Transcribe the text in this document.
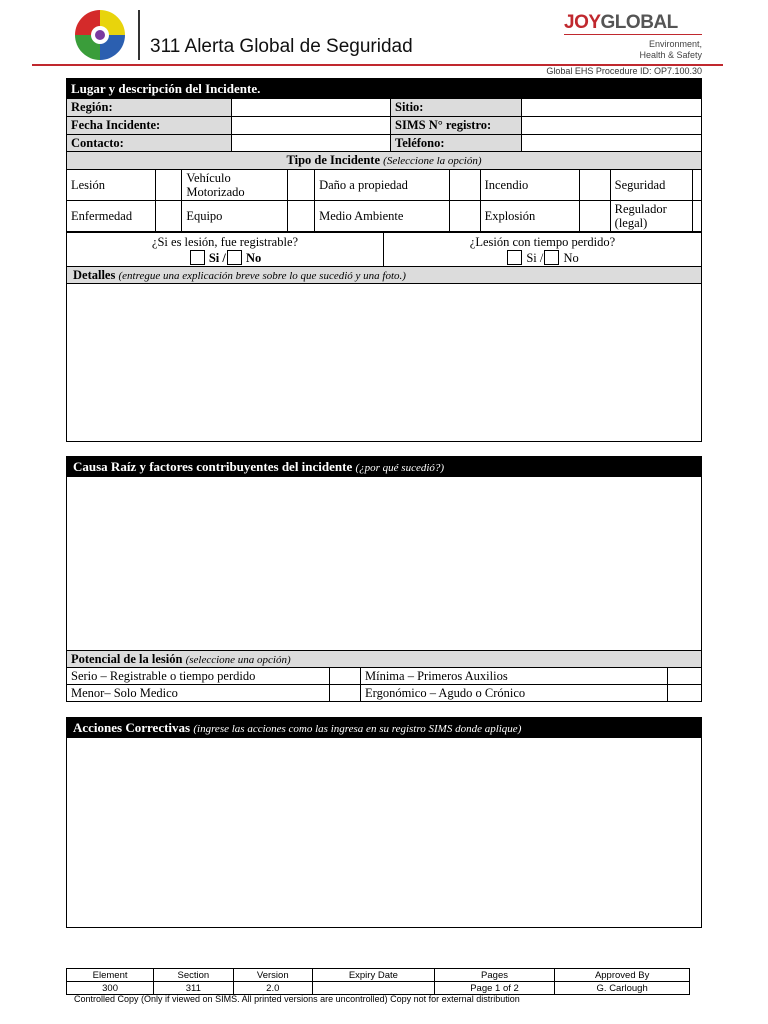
311 Alerta Global de Seguridad
JOYGLOBAL
Environment,
Health & Safety
Global EHS Procedure ID: OP7.100.30
Lugar y descripción del Incidente.			
Región:		Sitio:	
Fecha Incidente:		SIMS N° registro:	
Contacto:		Teléfono:	
Tipo de Incidente (Seleccione la opción)									
Lesión		Vehículo Motorizado		Daño a propiedad		Incendio		Seguridad	
Enfermedad		Equipo		Medio Ambiente		Explosión		Regulador (legal)	
¿Si es lesión, fue registrable?
Si / No

¿Lesión con tiempo perdido?
Si / No
Detalles (entregue una explicación breve sobre lo que sucedió y una foto.)
Causa Raíz y factores contribuyentes del incidente (¿por qué sucedió?)
Potencial de la lesión (seleccione una opción)			
Serio – Registrable o tiempo perdido		Mínima – Primeros Auxilios	
Menor– Solo Medico		Ergonómico – Agudo o Crónico	
Acciones Correctivas (ingrese las acciones como las ingresa en su registro SIMS donde aplique)
Element	Section	Version	Expiry Date	Pages	Approved By
300	311	2.0		Page 1 of 2	G. Carlough
Controlled Copy (Only if viewed on SIMS. All printed versions are uncontrolled) Copy not for external distribution
